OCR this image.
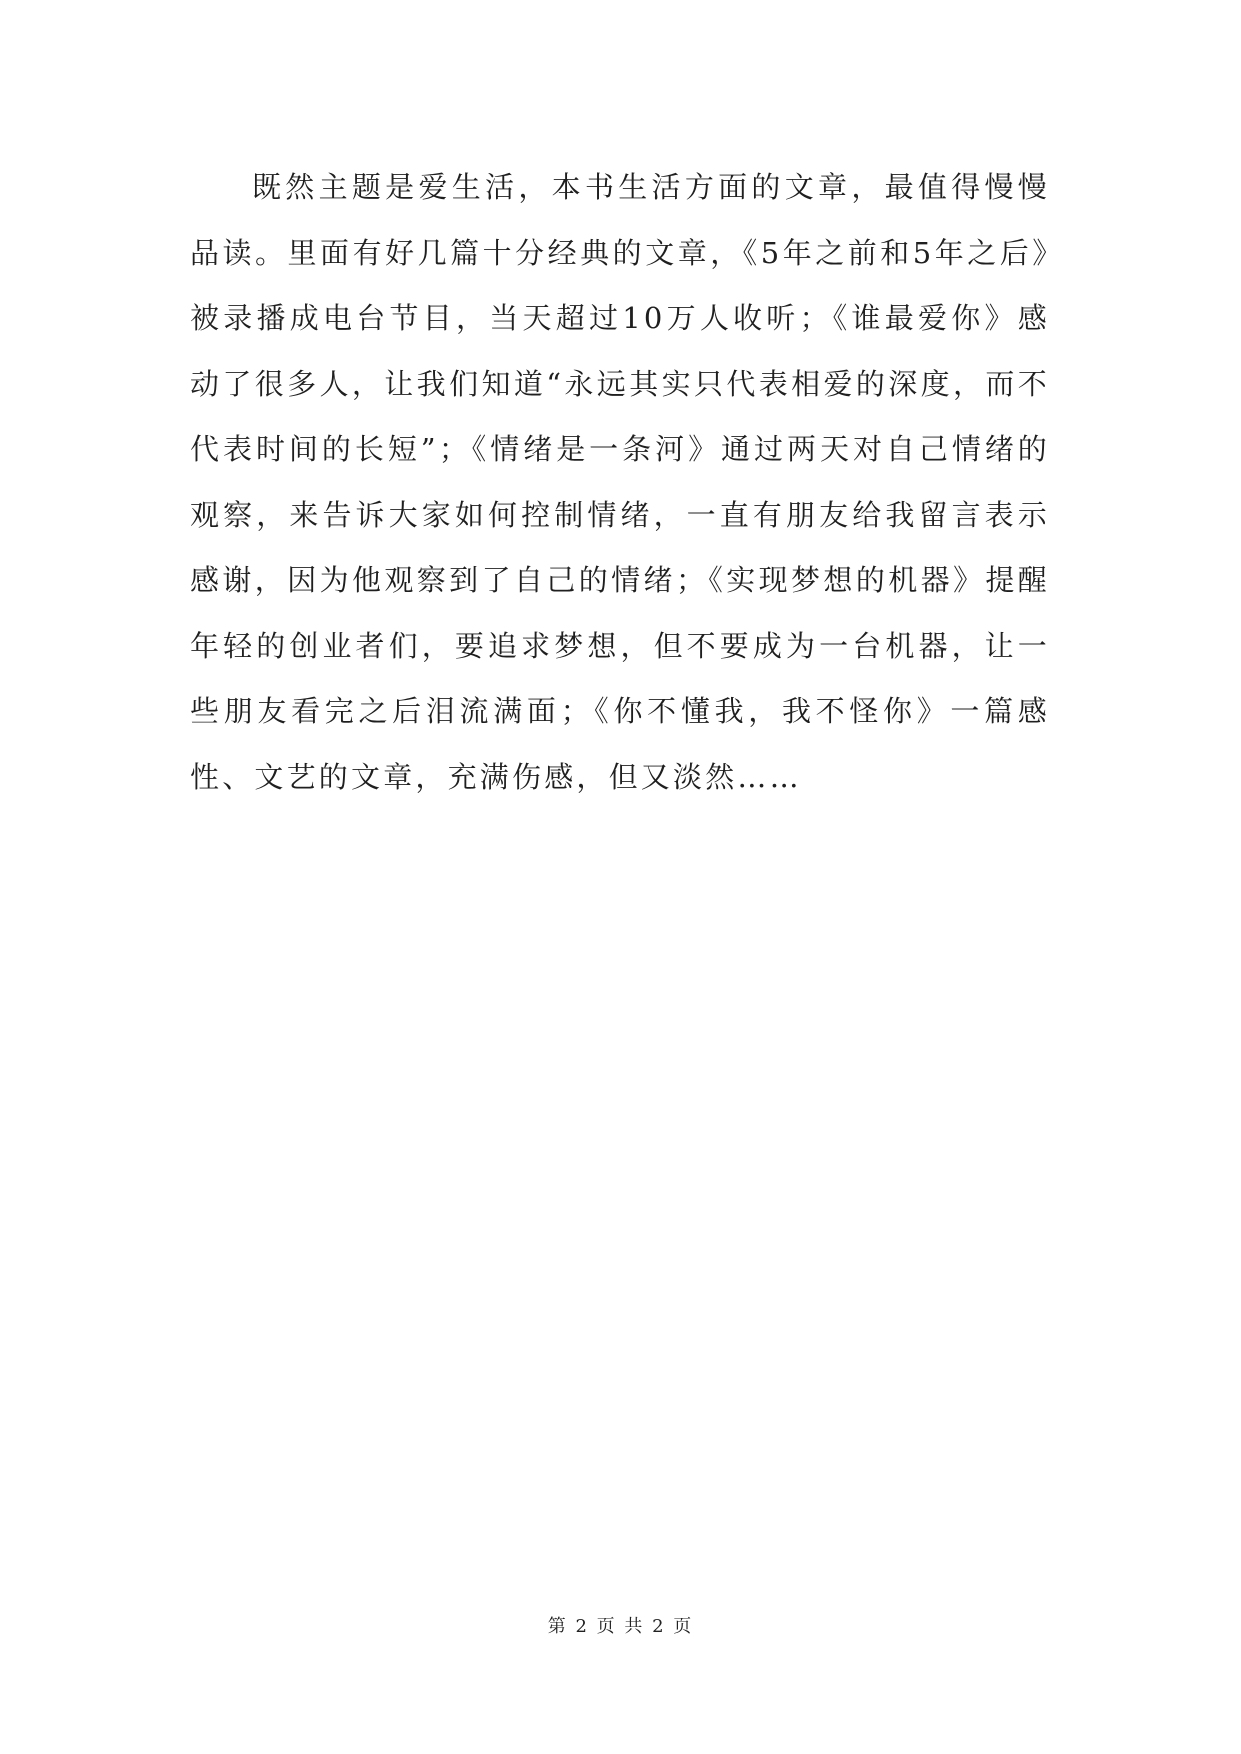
既然主题是爱生活，本书生活方面的文章，最值得慢慢品读。里面有好几篇十分经典的文章，《5年之前和5年之后》被录播成电台节目，当天超过10万人收听；《谁最爱你》感动了很多人，让我们知道“永远其实只代表相爱的深度，而不代表时间的长短”；《情绪是一条河》通过两天对自己情绪的观察，来告诉大家如何控制情绪，一直有朋友给我留言表示感谢，因为他观察到了自己的情绪；《实现梦想的机器》提醒年轻的创业者们，要追求梦想，但不要成为一台机器，让一些朋友看完之后泪流满面；《你不懂我，我不怪你》一篇感性、文艺的文章，充满伤感，但又淡然……

第 2 页 共 2 页
